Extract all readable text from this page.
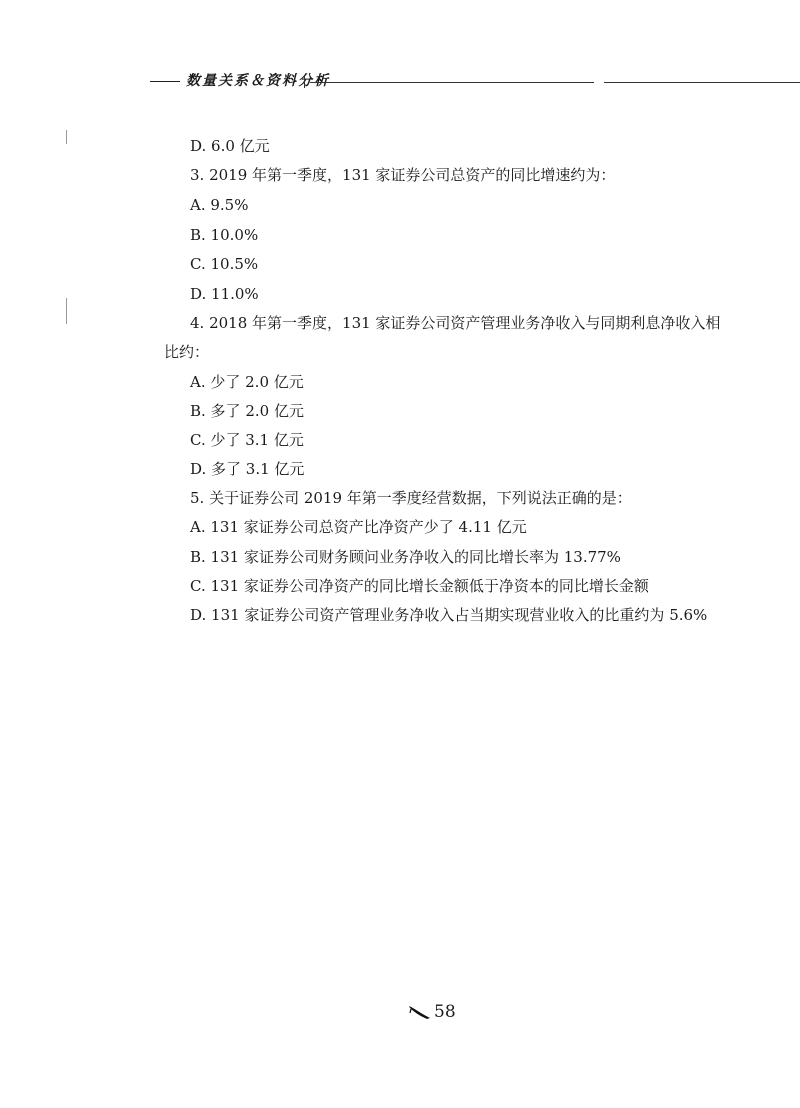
数量关系＆资料分析
D. 6.0 亿元
3. 2019 年第一季度，131 家证券公司总资产的同比增速约为：
A. 9.5%
B. 10.0%
C. 10.5%
D. 11.0%
4. 2018 年第一季度，131 家证券公司资产管理业务净收入与同期利息净收入相
比约：
A. 少了 2.0 亿元
B. 多了 2.0 亿元
C. 少了 3.1 亿元
D. 多了 3.1 亿元
5. 关于证券公司 2019 年第一季度经营数据，下列说法正确的是：
A. 131 家证券公司总资产比净资产少了 4.11 亿元
B. 131 家证券公司财务顾问业务净收入的同比增长率为 13.77%
C. 131 家证券公司净资产的同比增长金额低于净资本的同比增长金额
D. 131 家证券公司资产管理业务净收入占当期实现营业收入的比重约为 5.6%
58
